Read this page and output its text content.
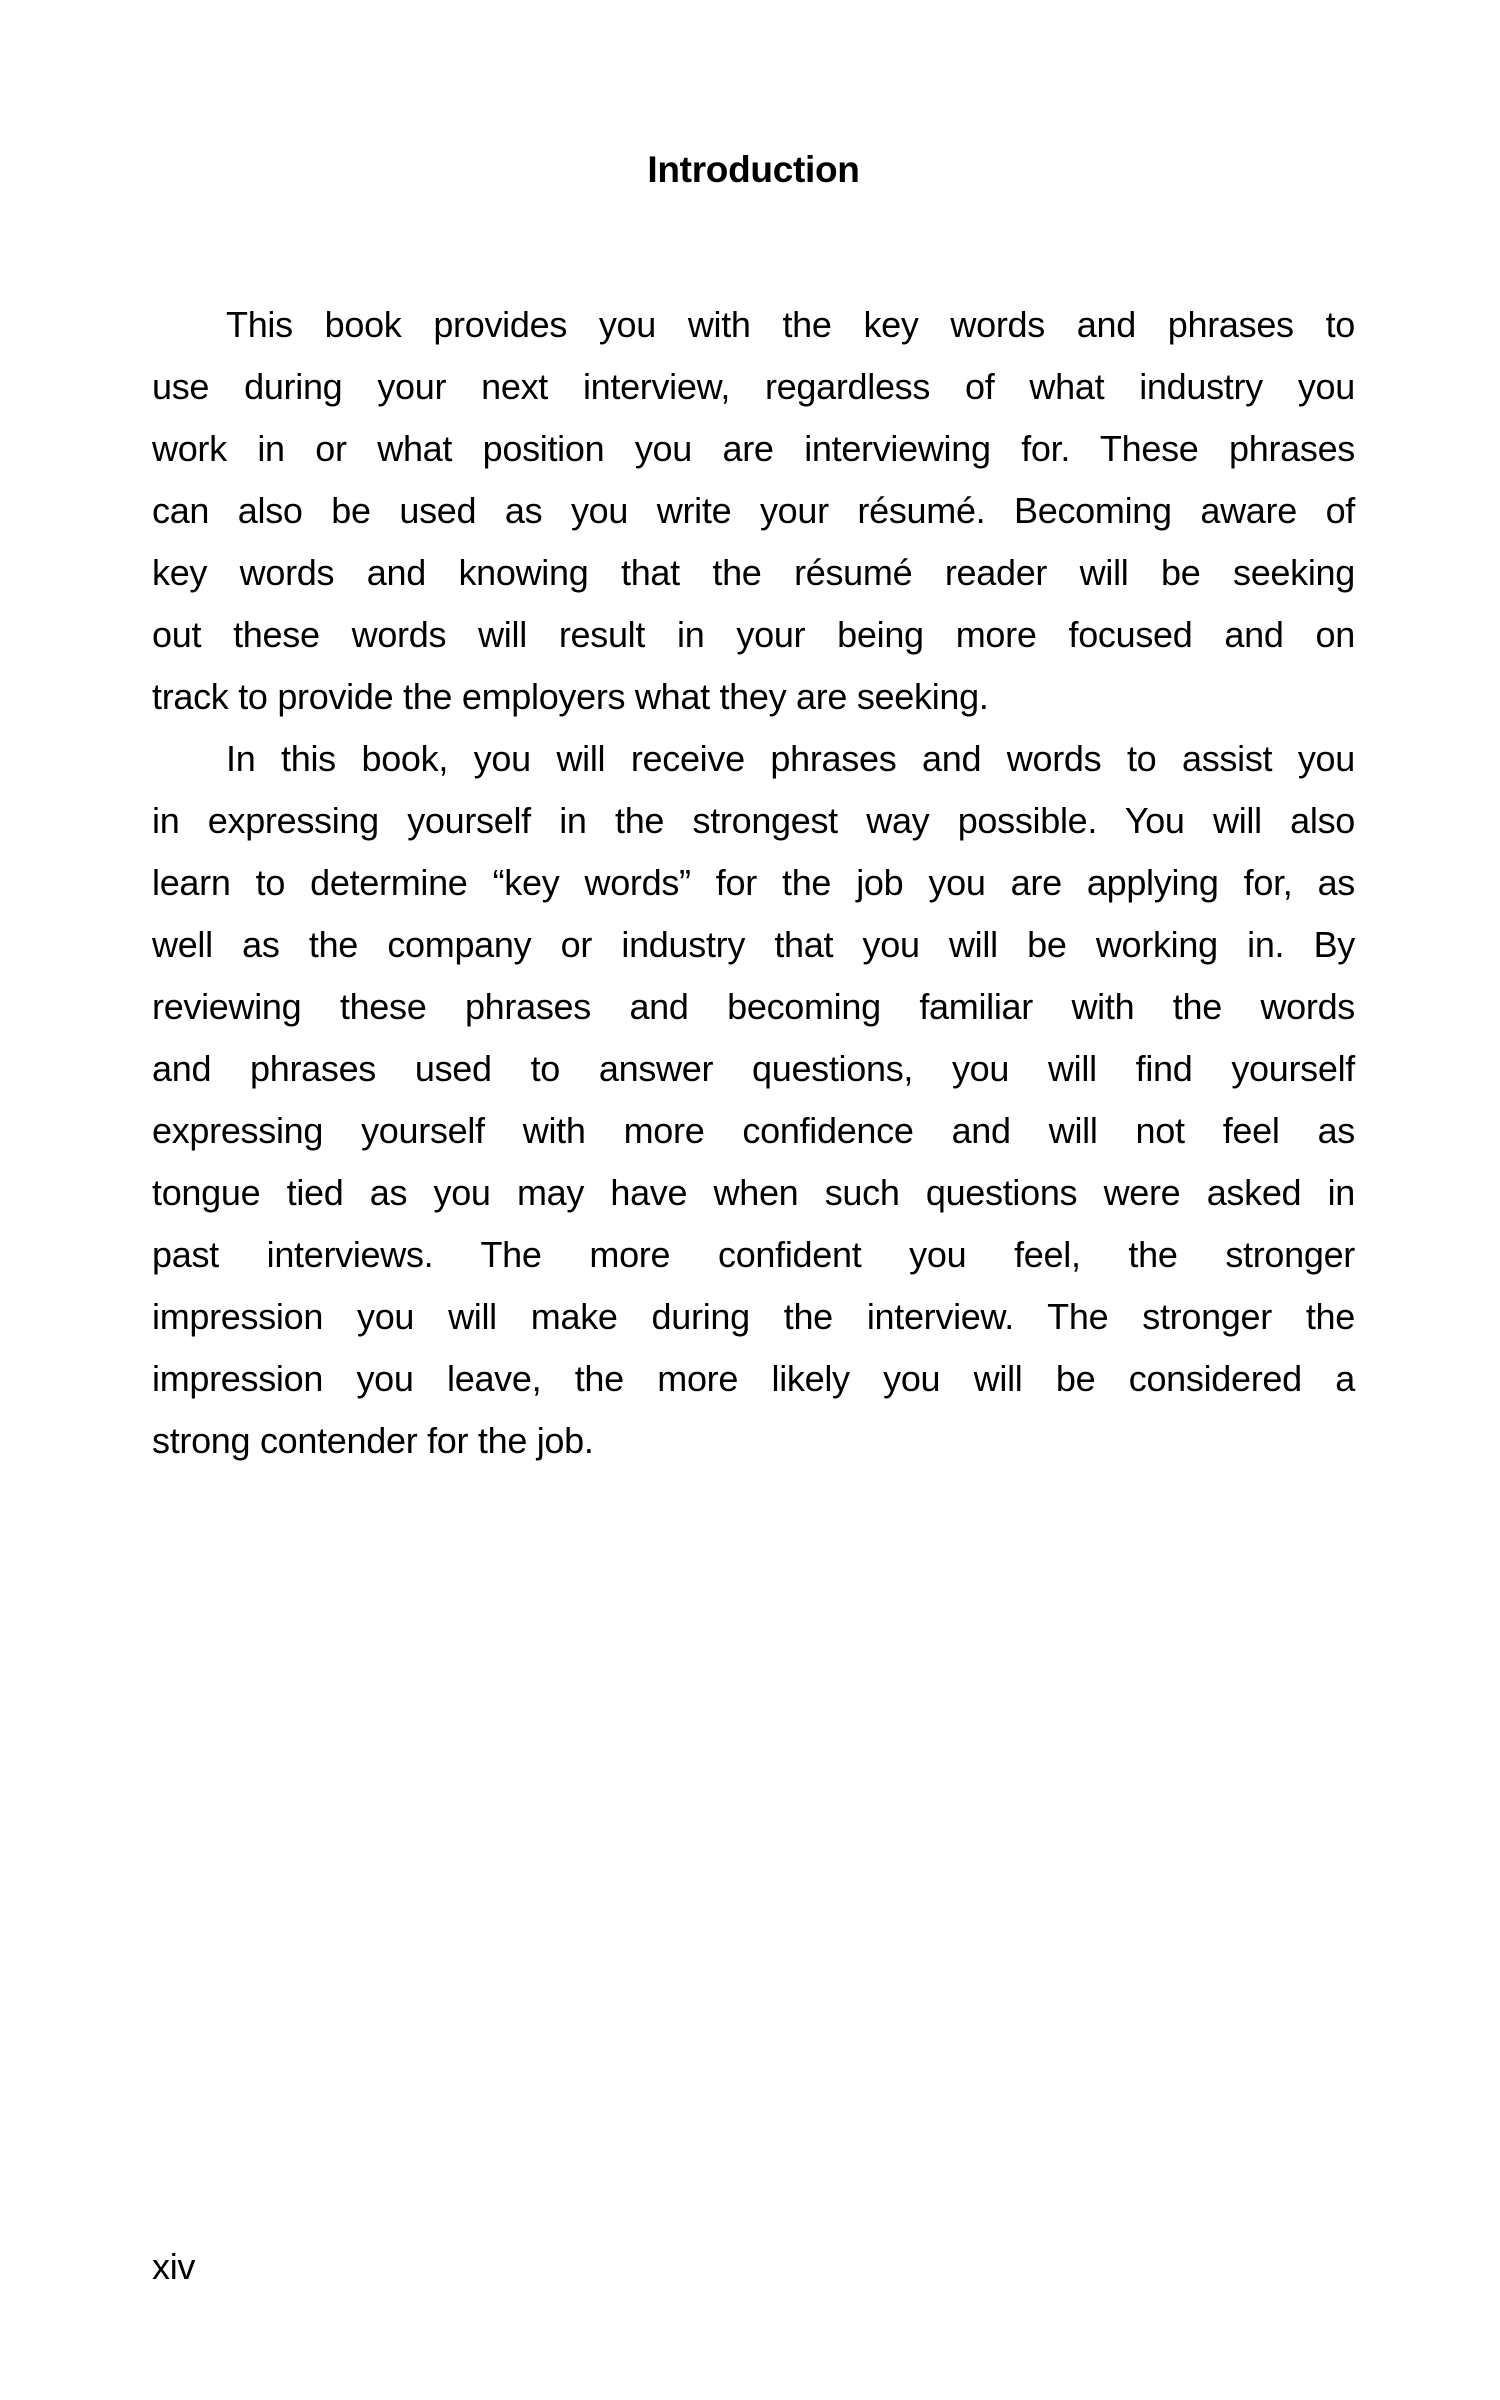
Introduction
This book provides you with the key words and phrases to
use during your next interview, regardless of what industry you
work in or what position you are interviewing for. These phrases
can also be used as you write your résumé. Becoming aware of
key words and knowing that the résumé reader will be seeking
out these words will result in your being more focused and on
track to provide the employers what they are seeking.
In this book, you will receive phrases and words to assist you
in expressing yourself in the strongest way possible. You will also
learn to determine “key words” for the job you are applying for, as
well as the company or industry that you will be working in. By
reviewing these phrases and becoming familiar with the words
and phrases used to answer questions, you will find yourself
expressing yourself with more confidence and will not feel as
tongue tied as you may have when such questions were asked in
past interviews. The more confident you feel, the stronger
impression you will make during the interview. The stronger the
impression you leave, the more likely you will be considered a
strong contender for the job.
xiv
